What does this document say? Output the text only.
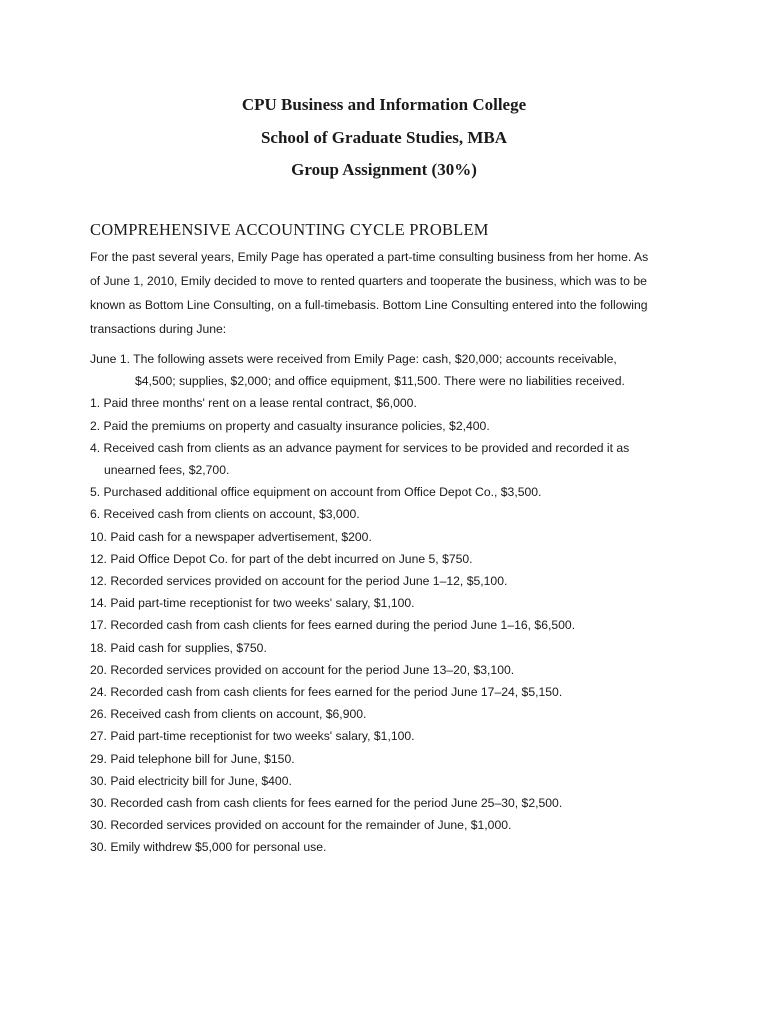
CPU Business and Information College
School of Graduate Studies, MBA
Group Assignment (30%)
COMPREHENSIVE ACCOUNTING CYCLE PROBLEM
For the past several years, Emily Page has operated a part-time consulting business from her home. As
of June 1, 2010, Emily decided to move to rented quarters and tooperate the business, which was to be
known as Bottom Line Consulting, on a full-timebasis. Bottom Line Consulting entered into the following
transactions during June:
June 1. The following assets were received from Emily Page: cash, $20,000; accounts receivable,
$4,500; supplies, $2,000; and office equipment, $11,500. There were no liabilities received.
1. Paid three months' rent on a lease rental contract, $6,000.
2. Paid the premiums on property and casualty insurance policies, $2,400.
4. Received cash from clients as an advance payment for services to be provided and recorded it as
unearned fees, $2,700.
5. Purchased additional office equipment on account from Office Depot Co., $3,500.
6. Received cash from clients on account, $3,000.
10. Paid cash for a newspaper advertisement, $200.
12. Paid Office Depot Co. for part of the debt incurred on June 5, $750.
12. Recorded services provided on account for the period June 1–12, $5,100.
14. Paid part-time receptionist for two weeks' salary, $1,100.
17. Recorded cash from cash clients for fees earned during the period June 1–16, $6,500.
18. Paid cash for supplies, $750.
20. Recorded services provided on account for the period June 13–20, $3,100.
24. Recorded cash from cash clients for fees earned for the period June 17–24, $5,150.
26. Received cash from clients on account, $6,900.
27. Paid part-time receptionist for two weeks' salary, $1,100.
29. Paid telephone bill for June, $150.
30. Paid electricity bill for June, $400.
30. Recorded cash from cash clients for fees earned for the period June 25–30, $2,500.
30. Recorded services provided on account for the remainder of June, $1,000.
30. Emily withdrew $5,000 for personal use.
